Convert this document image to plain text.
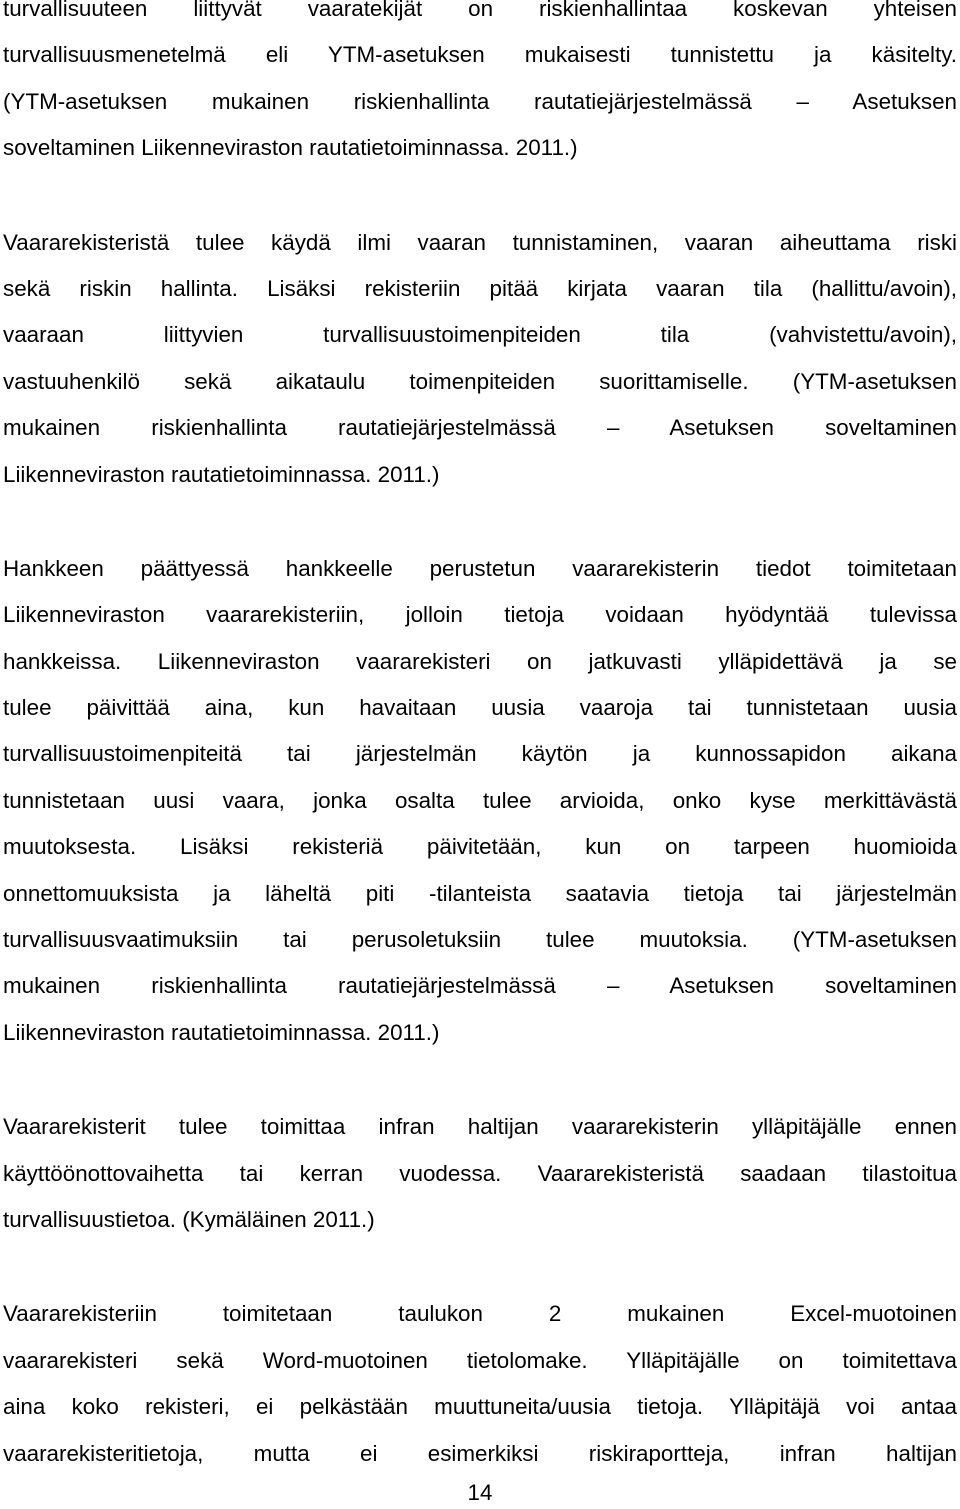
turvallisuuteen liittyvät vaaratekijät on riskienhallintaa koskevan yhteisen
turvallisuusmenetelmä eli YTM-asetuksen mukaisesti tunnistettu ja käsitelty.
(YTM-asetuksen mukainen riskienhallinta rautatiejärjestelmässä – Asetuksen
soveltaminen Liikenneviraston rautatietoiminnassa. 2011.)
Vaararekisteristä tulee käydä ilmi vaaran tunnistaminen, vaaran aiheuttama riski
sekä riskin hallinta. Lisäksi rekisteriin pitää kirjata vaaran tila (hallittu/avoin),
vaaraan liittyvien turvallisuustoimenpiteiden tila (vahvistettu/avoin),
vastuuhenkilö sekä aikataulu toimenpiteiden suorittamiselle. (YTM-asetuksen
mukainen riskienhallinta rautatiejärjestelmässä – Asetuksen soveltaminen
Liikenneviraston rautatietoiminnassa. 2011.)
Hankkeen päättyessä hankkeelle perustetun vaararekisterin tiedot toimitetaan
Liikenneviraston vaararekisteriin, jolloin tietoja voidaan hyödyntää tulevissa
hankkeissa. Liikenneviraston vaararekisteri on jatkuvasti ylläpidettävä ja se
tulee päivittää aina, kun havaitaan uusia vaaroja tai tunnistetaan uusia
turvallisuustoimenpiteitä tai järjestelmän käytön ja kunnossapidon aikana
tunnistetaan uusi vaara, jonka osalta tulee arvioida, onko kyse merkittävästä
muutoksesta. Lisäksi rekisteriä päivitetään, kun on tarpeen huomioida
onnettomuuksista ja läheltä piti -tilanteista saatavia tietoja tai järjestelmän
turvallisuusvaatimuksiin tai perusoletuksiin tulee muutoksia. (YTM-asetuksen
mukainen riskienhallinta rautatiejärjestelmässä – Asetuksen soveltaminen
Liikenneviraston rautatietoiminnassa. 2011.)
Vaararekisterit tulee toimittaa infran haltijan vaararekisterin ylläpitäjälle ennen
käyttöönottovaihetta tai kerran vuodessa. Vaararekisteristä saadaan tilastoitua
turvallisuustietoa. (Kymäläinen 2011.)
Vaararekisteriin toimitetaan taulukon 2 mukainen Excel-muotoinen
vaararekisteri sekä Word-muotoinen tietolomake. Ylläpitäjälle on toimitettava
aina koko rekisteri, ei pelkästään muuttuneita/uusia tietoja. Ylläpitäjä voi antaa
vaararekisteritietoja, mutta ei esimerkiksi riskiraportteja, infran haltijan
14
